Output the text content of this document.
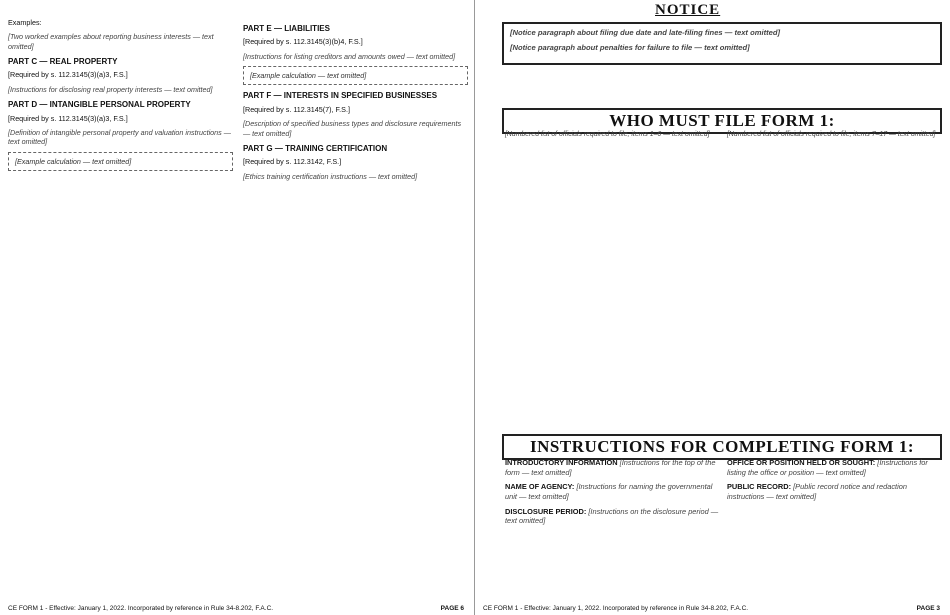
Examples:

[Two worked examples about reporting business interests — text omitted]

PART C — REAL PROPERTY

[Required by s. 112.3145(3)(a)3, F.S.]

[Instructions for disclosing real property interests — text omitted]

PART D — INTANGIBLE PERSONAL PROPERTY

[Required by s. 112.3145(3)(a)3, F.S.]

[Definition of intangible personal property and valuation instructions — text omitted]

[Example calculation — text omitted]
PART E — LIABILITIES

[Required by s. 112.3145(3)(b)4, F.S.]

[Instructions for listing creditors and amounts owed — text omitted]

[Example calculation — text omitted]
PART F — INTERESTS IN SPECIFIED BUSINESSES

[Required by s. 112.3145(7), F.S.]

[Description of specified business types and disclosure requirements — text omitted]

PART G — TRAINING CERTIFICATION

[Required by s. 112.3142, F.S.]

[Ethics training certification instructions — text omitted]

CE FORM 1 - Effective: January 1, 2022. Incorporated by reference in Rule 34-8.202, F.A.C.	PAGE 6
NOTICE

[Notice paragraph about filing due date and late-filing fines — text omitted]

[Notice paragraph about penalties for failure to file — text omitted]

WHO MUST FILE FORM 1:

[Numbered list of officials required to file, items 1–6 — text omitted]	[Numbered list of officials required to file, items 7–17 — text omitted]

INSTRUCTIONS FOR COMPLETING FORM 1:

INTRODUCTORY INFORMATION [Instructions for the top of the form — text omitted]

NAME OF AGENCY: [Instructions for naming the governmental unit — text omitted]

DISCLOSURE PERIOD: [Instructions on the disclosure period — text omitted]

OFFICE OR POSITION HELD OR SOUGHT: [Instructions for listing the office or position — text omitted]

PUBLIC RECORD: [Public record notice and redaction instructions — text omitted]

CE FORM 1 - Effective: January 1, 2022. Incorporated by reference in Rule 34-8.202, F.A.C.	PAGE 3
